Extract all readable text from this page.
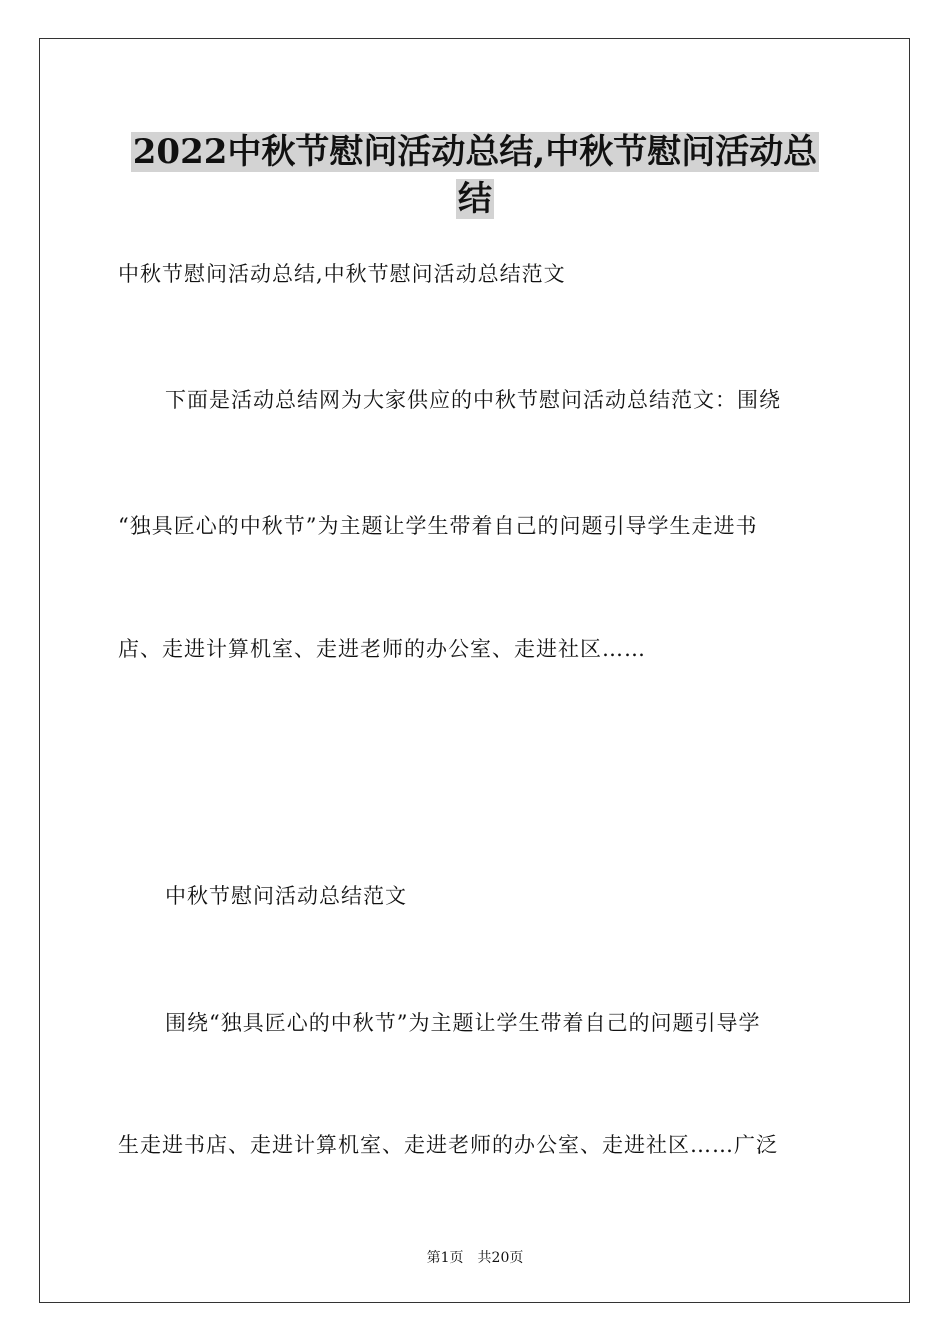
2022中秋节慰问活动总结,中秋节慰问活动总
结

中秋节慰问活动总结,中秋节慰问活动总结范文

下面是活动总结网为大家供应的中秋节慰问活动总结范文：围绕

“独具匠心的中秋节”为主题让学生带着自己的问题引导学生走进书

店、走进计算机室、走进老师的办公室、走进社区……

中秋节慰问活动总结范文

围绕“独具匠心的中秋节”为主题让学生带着自己的问题引导学

生走进书店、走进计算机室、走进老师的办公室、走进社区……广泛

第1页　共20页
